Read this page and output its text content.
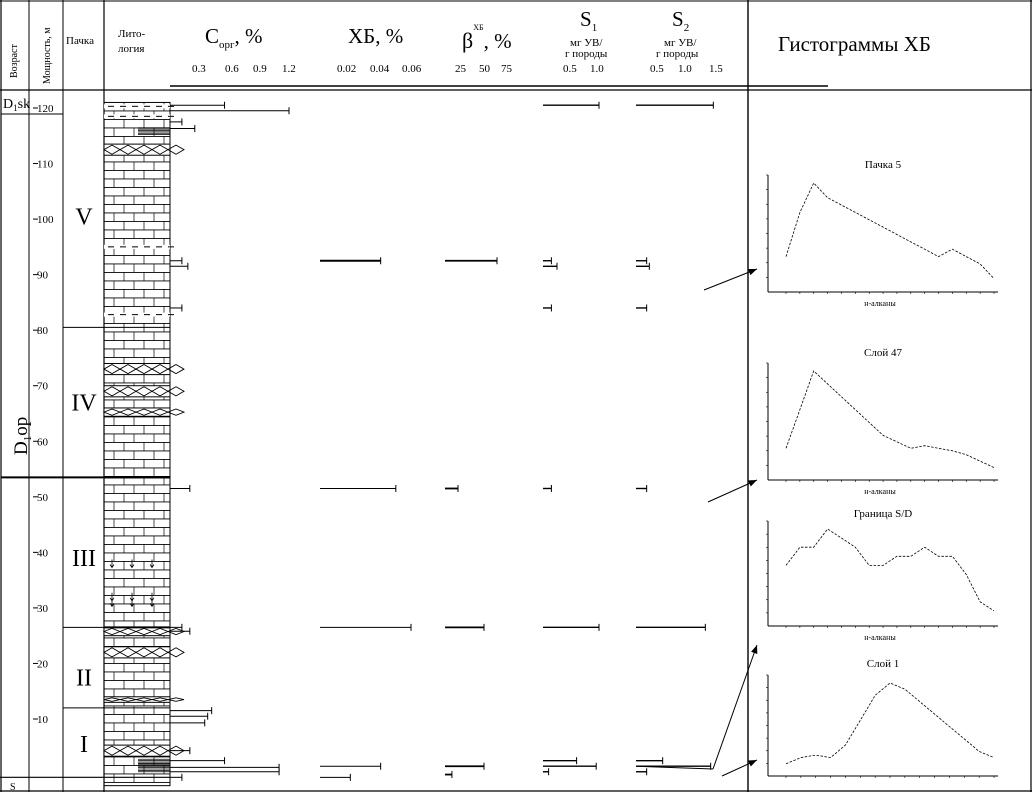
Возраст Мощность, м Пачка
Лито-
логия
$C_{орг}$, %	ХБ, %	$\beta^{ХБ}$, %
$S_1$
мг УВ/
г породы
$S_2$
мг УВ/
г породы	Гистограммы ХБ
0.3 0.6 0.9 1.2	0.02 0.04 0.06	25 50 75	0.5 1.0	0.5 1.0 1.5
120
110
100
90
80
70
60
50
40
30
20
10
$D_1sk$
$D_1op$
S
V
IV
III
II
I
Пачка 5
н-алканы
Слой 47
н-алканы
Граница S/D
н-алканы
Слой 1
